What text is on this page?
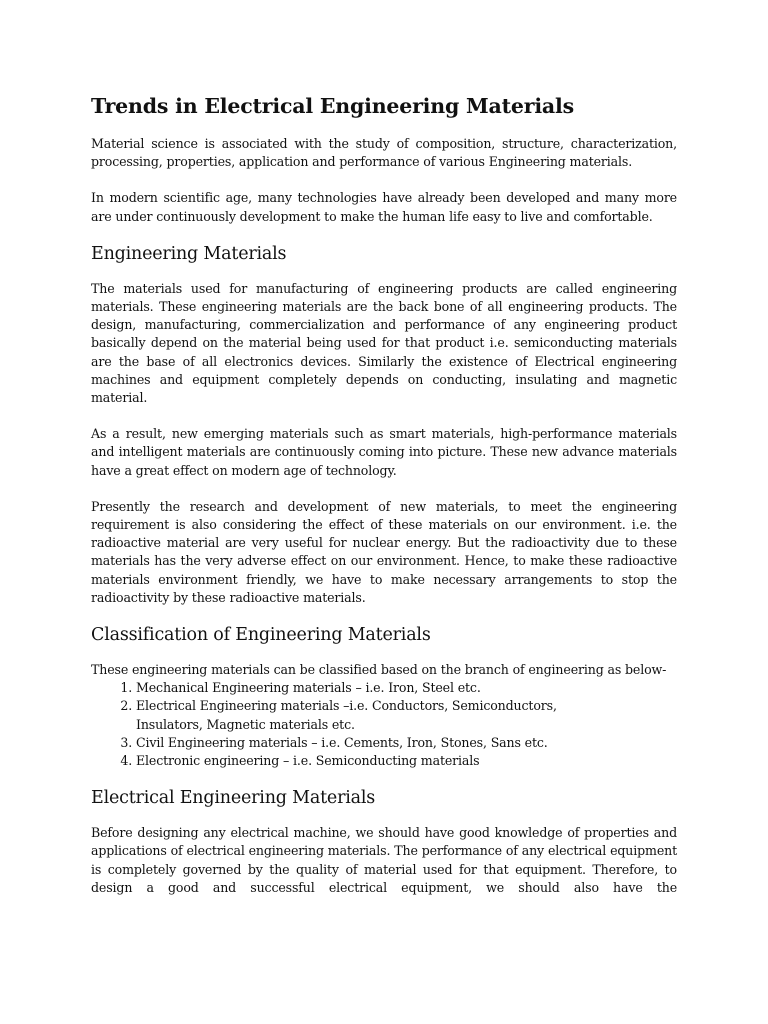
Trends in Electrical Engineering Materials

Material science is associated with the study of composition, structure, characterization, processing, properties, application and performance of various Engineering materials.

In modern scientific age, many technologies have already been developed and many more are under continuously development to make the human life easy to live and comfortable.

Engineering Materials

The materials used for manufacturing of engineering products are called engineering materials. These engineering materials are the back bone of all engineering products. The design, manufacturing, commercialization and performance of any engineering product basically depend on the material being used for that product i.e. semiconducting materials are the base of all electronics devices. Similarly the existence of Electrical engineering machines and equipment completely depends on conducting, insulating and magnetic material.

As a result, new emerging materials such as smart materials, high-performance materials and intelligent materials are continuously coming into picture. These new advance materials have a great effect on modern age of technology.

Presently the research and development of new materials, to meet the engineering requirement is also considering the effect of these materials on our environment. i.e. the radioactive material are very useful for nuclear energy. But the radioactivity due to these materials has the very adverse effect on our environment. Hence, to make these radioactive materials environment friendly, we have to make necessary arrangements to stop the radioactivity by these radioactive materials.

Classification of Engineering Materials

These engineering materials can be classified based on the branch of engineering as below-

1. Mechanical Engineering materials – i.e. Iron, Steel etc.
2. Electrical Engineering materials –i.e. Conductors, Semiconductors, Insulators, Magnetic materials etc.
3. Civil Engineering materials – i.e. Cements, Iron, Stones, Sans etc.
4. Electronic engineering – i.e. Semiconducting materials
Electrical Engineering Materials

Before designing any electrical machine, we should have good knowledge of properties and applications of electrical engineering materials. The performance of any electrical equipment is completely governed by the quality of material used for that equipment. Therefore, to design a good and successful electrical equipment, we should also have the
